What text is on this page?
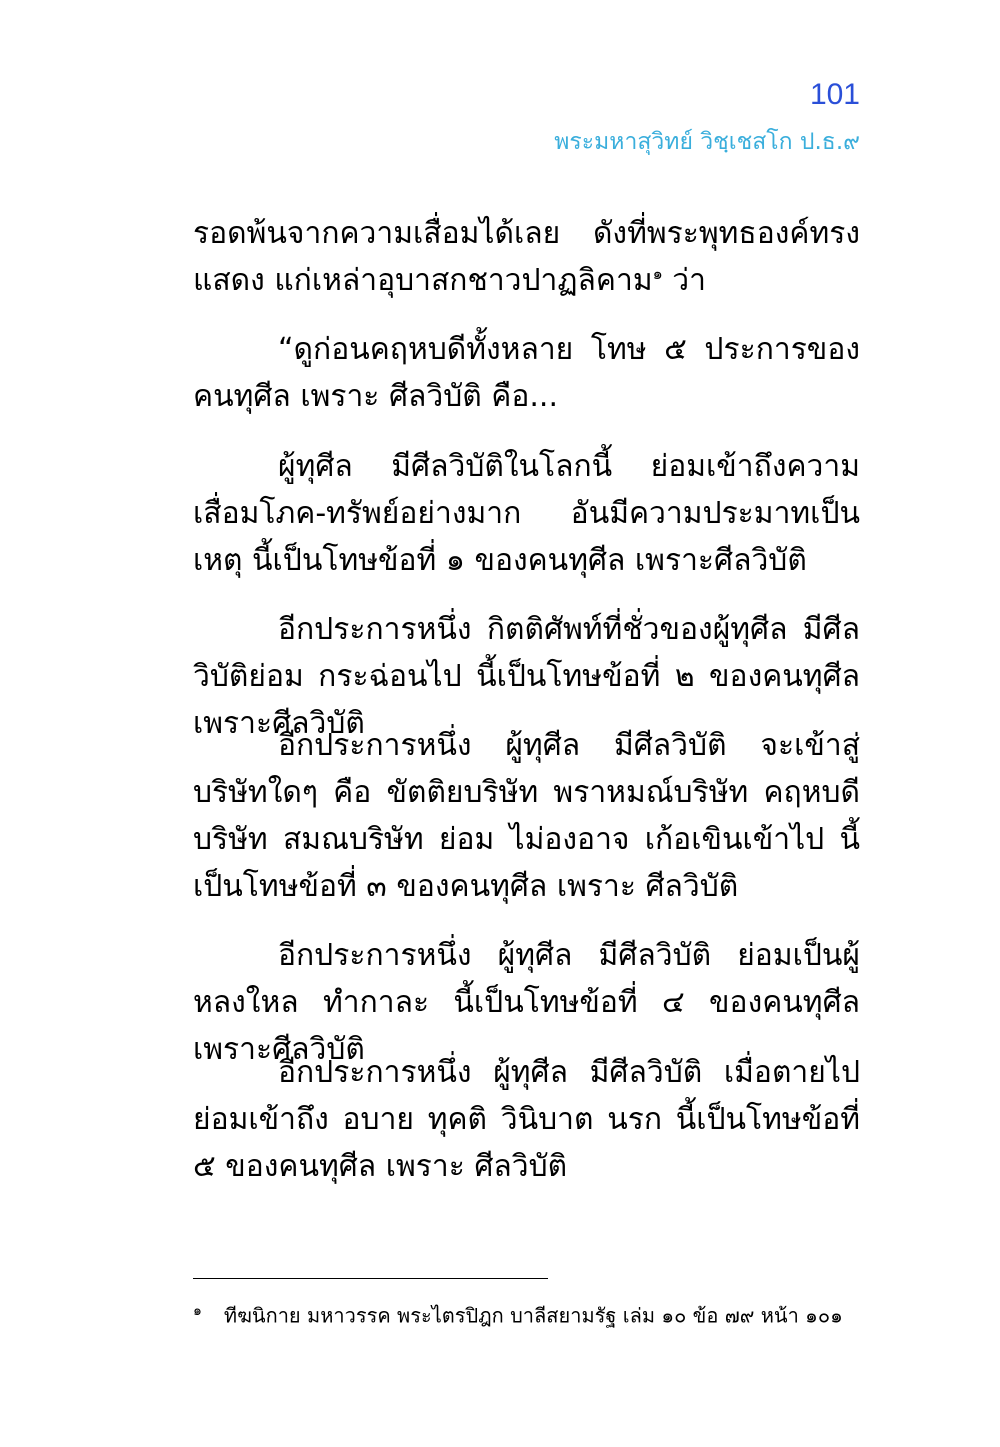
101
พระมหาสุวิทย์ วิชฺเชสโก ป.ธ.๙

รอดพ้นจากความเสื่อมได้เลย ดังที่พระพุทธองค์ทรงแสดง แก่เหล่าอุบาสกชาวปาฏลิคาม$^๑$ ว่า

“ดูก่อนคฤหบดีทั้งหลาย โทษ ๕ ประการของคนทุศีล เพราะ ศีลวิบัติ คือ...

ผู้ทุศีล มีศีลวิบัติในโลกนี้ ย่อมเข้าถึงความเสื่อมโภค-ทรัพย์อย่างมาก อันมีความประมาทเป็นเหตุ นี้เป็นโทษข้อที่ ๑ ของคนทุศีล เพราะศีลวิบัติ

อีกประการหนึ่ง กิตติศัพท์ที่ชั่วของผู้ทุศีล มีศีลวิบัติย่อม กระฉ่อนไป นี้เป็นโทษข้อที่ ๒ ของคนทุศีล เพราะศีลวิบัติ

อีกประการหนึ่ง ผู้ทุศีล มีศีลวิบัติ จะเข้าสู่บริษัทใดๆ คือ ขัตติยบริษัท พราหมณ์บริษัท คฤหบดีบริษัท สมณบริษัท ย่อม ไม่องอาจ เก้อเขินเข้าไป นี้เป็นโทษข้อที่ ๓ ของคนทุศีล เพราะ ศีลวิบัติ

อีกประการหนึ่ง ผู้ทุศีล มีศีลวิบัติ ย่อมเป็นผู้หลงใหล ทำกาละ นี้เป็นโทษข้อที่ ๔ ของคนทุศีล เพราะศีลวิบัติ

อีกประการหนึ่ง ผู้ทุศีล มีศีลวิบัติ เมื่อตายไปย่อมเข้าถึง อบาย ทุคติ วินิบาต นรก นี้เป็นโทษข้อที่ ๕ ของคนทุศีล เพราะ ศีลวิบัติ

$^๑$ ทีฆนิกาย มหาวรรค พระไตรปิฎก บาลีสยามรัฐ เล่ม ๑๐ ข้อ ๗๙ หน้า ๑๐๑
